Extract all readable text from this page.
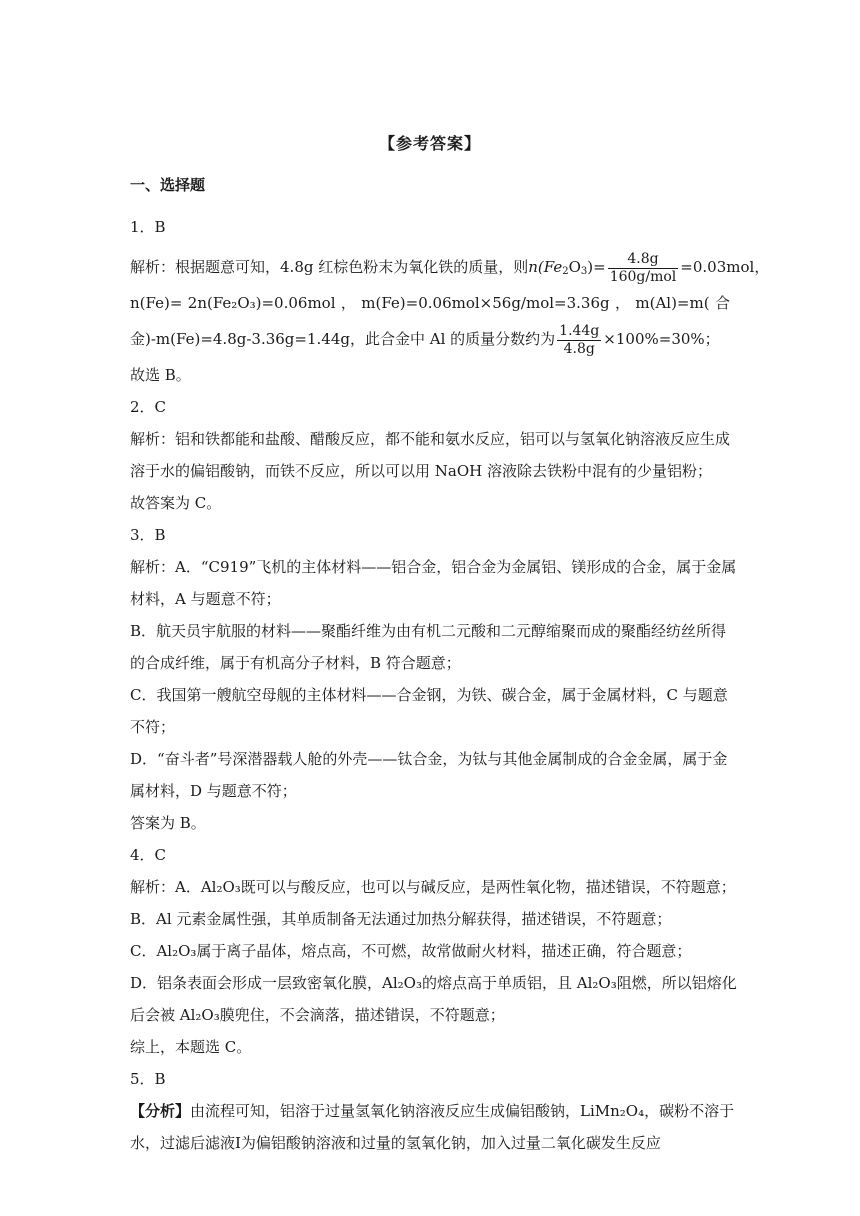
【参考答案】
一、选择题
1．B
解析：根据题意可知，4.8g 红棕色粉末为氧化铁的质量，则$n(Fe_2O_3)= \frac{4.8g}{\text{160g/mol}} =0.03mol$，
n(Fe)= 2n(Fe₂O₃)=0.06mol ， m(Fe)=0.06mol×56g/mol=3.36g ， m(Al)=m( 合
金)-m(Fe)=4.8g-3.36g=1.44g，此合金中 Al 的质量分数约为 $\frac{1.44g}{4.8g} \times 100\%=30\%$；
故选 B。
2．C
解析：铝和铁都能和盐酸、醋酸反应，都不能和氨水反应，铝可以与氢氧化钠溶液反应生成
溶于水的偏铝酸钠，而铁不反应，所以可以用 NaOH 溶液除去铁粉中混有的少量铝粉；
故答案为 C。
3．B
解析：A．“C919”飞机的主体材料——铝合金，铝合金为金属铝、镁形成的合金，属于金属
材料，A 与题意不符；
B．航天员宇航服的材料——聚酯纤维为由有机二元酸和二元醇缩聚而成的聚酯经纺丝所得
的合成纤维，属于有机高分子材料，B 符合题意；
C．我国第一艘航空母舰的主体材料——合金钢，为铁、碳合金，属于金属材料，C 与题意
不符；
D．“奋斗者”号深潜器载人舱的外壳——钛合金，为钛与其他金属制成的合金金属，属于金
属材料，D 与题意不符；
答案为 B。
4．C
解析：A．Al₂O₃既可以与酸反应，也可以与碱反应，是两性氧化物，描述错误，不符题意；
B．Al 元素金属性强，其单质制备无法通过加热分解获得，描述错误，不符题意；
C．Al₂O₃属于离子晶体，熔点高，不可燃，故常做耐火材料，描述正确，符合题意；
D．铝条表面会形成一层致密氧化膜，Al₂O₃的熔点高于单质铝，且 Al₂O₃阻燃，所以铝熔化
后会被 Al₂O₃膜兜住，不会滴落，描述错误，不符题意；
综上，本题选 C。
5．B
【分析】由流程可知，铝溶于过量氢氧化钠溶液反应生成偏铝酸钠，LiMn₂O₄，碳粉不溶于
水，过滤后滤液Ⅰ为偏铝酸钠溶液和过量的氢氧化钠，加入过量二氧化碳发生反应
